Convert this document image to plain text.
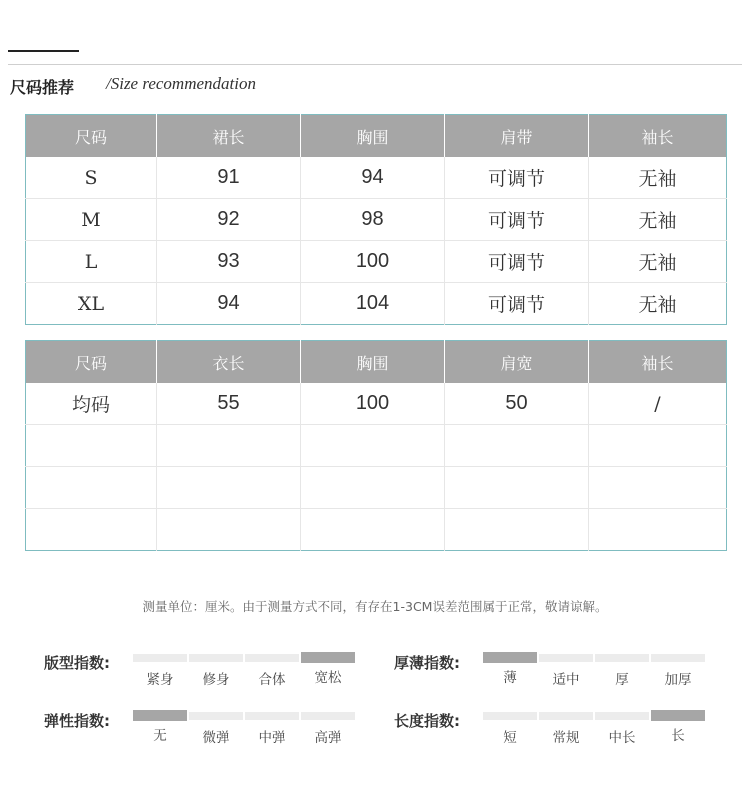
尺码推荐 /Size recommendation
尺码	裙长	胸围	肩带	袖长
S	91	94	可调节	无袖
M	92	98	可调节	无袖
L	93	100	可调节	无袖
XL	94	104	可调节	无袖
尺码	衣长	胸围	肩宽	袖长
均码	55	100	50	/

测量单位：厘米。由于测量方式不同，有存在1-3CM误差范围属于正常，敬请谅解。
版型指数:
紧身	修身	合体	宽松
厚薄指数:
薄	适中	厚	加厚
弹性指数:
无	微弹	中弹	高弹
长度指数:
短	常规	中长	长
